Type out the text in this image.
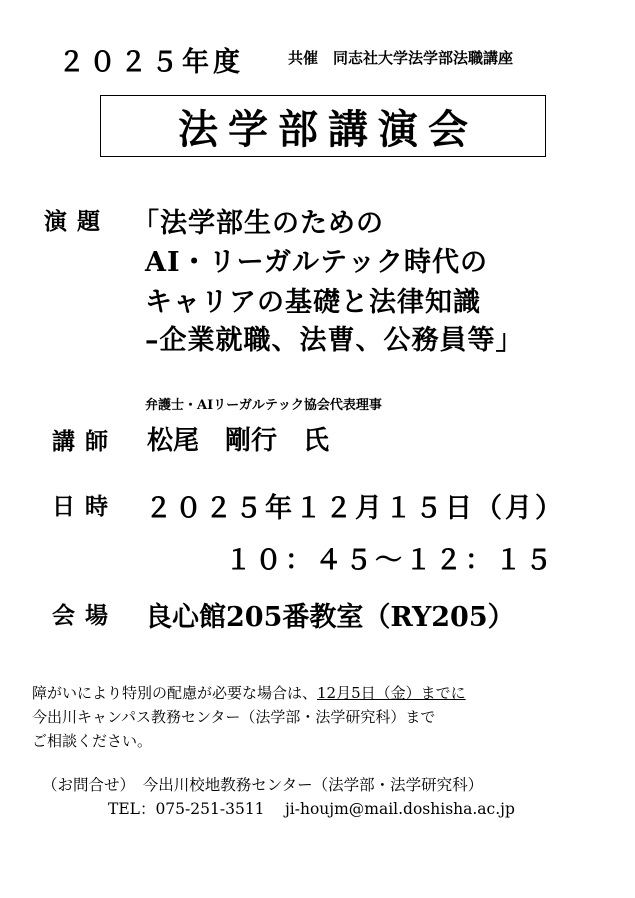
２０２５年度	共催　同志社大学法学部法職講座
法学部講演会
演題 「法学部生のための
AI・リーガルテック時代の
キャリアの基礎と法律知識
–企業就職、法曹、公務員等」
弁護士・AIリーガルテック協会代表理事
講師 松尾　剛行　氏
日時 ２０２５年１２月１５日（月）
１０：４５～１２：１５
会場 良心館205番教室（RY205）
障がいにより特別の配慮が必要な場合は、12月5日（金）までに
今出川キャンパス教務センター（法学部・法学研究科）まで
ご相談ください。
（お問合せ）　今出川校地教務センター（法学部・法学研究科）
TEL：075-251-3511　 ji-houjm@mail.doshisha.ac.jp
